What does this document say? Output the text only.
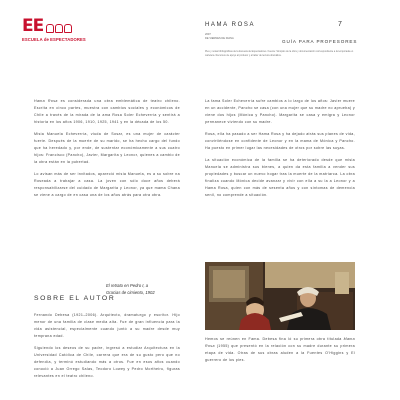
EE
ESCUELA de ESPECTADORES
HAMA ROSA	7
2007
DE VIERNES DE DIANA
GUÍA PARA PROFESORES
Pies y notas bibliográficas de la Escuela de Espectadores. Fuente: Sinopsis de la obra y documentación correspondiente a la temporada en cartelera. Recursos de apoyo al profesor y al taller de lectura dramática.

Hama Rosa es considerada una obra emblemática de teatro chileno. Escrita en cinco partes, muestra con cambios sociales y económicos de Chile a través de la mirada de la ama Rosa Soler Echeverría y sentirá a historia en los años 1906, 1910, 1925, 1941 y en la década de los 50.

Misia Manuela Echeverría, viuda de Sosar, es una mujer de carácter fuerte. Después de la muerte de su marido, se ha hecho cargo del fundo que ha heredado y, por ende, de sustentar económicamente a sus cuatro hijos: Francisco (Pancho), Javier, Margarita y Leonor, quienes a cambio de la obra están en la pubertad.

Lo avisan más de ser invitados, apareció misia Manuela, es a su sobre na Roseada a trabajar a casa. La joven con sólo doce años deberá responsabilizarse del cuidado de Margarita y Leonor, ya que mama Chana se viene a cargo de en casa una de los años atrás para otra obra.

El retrato en Pedro I, a
Gracias de cimiento, 1902
SOBRE EL AUTOR

Fernando Debesa (1921–2006). Arquitecto, dramaturgo y escritor. Hijo menor de una familia de clase media alta. Fue de gran influencia para la vida asistencial, especialmente cuando juntó a su madre desde muy temprana edad.

Siguiendo los deseos de su padre, ingresó a estudiar Arquitectura en la Universidad Católica de Chile, carrera que era de su gusto pero que no defendía, y terminó estudiando más a otros. Fue en esos años cuando conoció a Juan Orrego Salas, Teodoro Lowey y Pedro Mortheiru, figuras relevantes en el teatro chileno.

La fama Soler Echeverría sufre cambios a lo largo de los años: Javier muere en un accidente, Pancho se casa (con una mujer que su madre no aprueba) y viene dos hijos (Mónica y Pancho). Margarita se casa y emigra y Leonor permanece viviendo con su madre.

Rosa, ella ha pasado a ser Hama Rosa y ha dejado atrás sus planes de vida, convirtiéndose en confidente de Leonor y en la mama de Mónica y Pancho. Ha puesto en primer lugar las necesidades de otros por sobre las suyas.

La situación económica de la familia se ha deteriorado desde que misia Manuela se administra sus bienes, a quien da esta familia a vender sus propiedades y buscar un nuevo hogar tras la muerte de la matriarca. La obra finaliza cuando Mónica decide avanzar y vivir con ella a su la a Leonor y a Hama Rosa, quien con más de sesenta años y con síntomas de demencia senil, no comprende a situación.

Hemos se reúnen en Fama. Debesa fina ló su primera obra titulada Mama Rosa (1955) que presentó en la relación con su madre durante su primera etapa de vida. Otras de sus obras aluden a la Fuentes O'Higgins y El guerrero de los pies.
